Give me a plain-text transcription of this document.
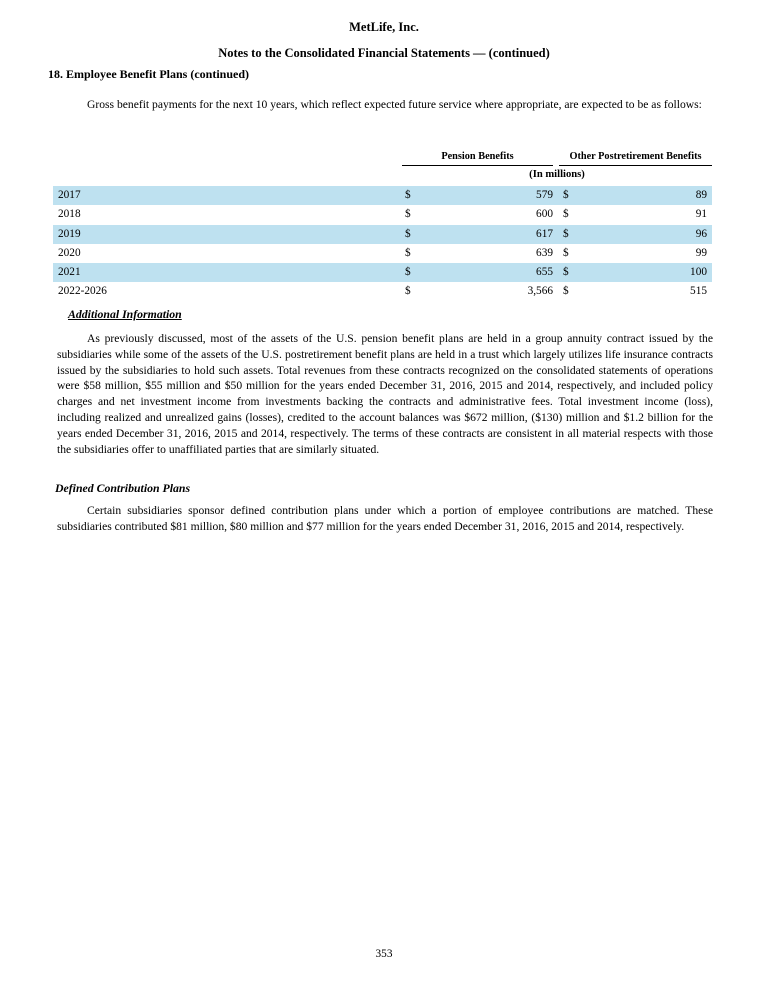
MetLife, Inc.
Notes to the Consolidated Financial Statements — (continued)
18. Employee Benefit Plans (continued)
Gross benefit payments for the next 10 years, which reflect expected future service where appropriate, are expected to be as follows:
Pension Benefits	Other Postretirement Benefits
(In millions)
2017	$	579 $	89
2018	$	600 $	91
2019	$	617 $	96
2020	$	639 $	99
2021	$	655 $	100
2022-2026	$	3,566 $	515
Additional Information
As previously discussed, most of the assets of the U.S. pension benefit plans are held in a group annuity contract issued by the subsidiaries while some of the assets of the U.S. postretirement benefit plans are held in a trust which largely utilizes life insurance contracts issued by the subsidiaries to hold such assets. Total revenues from these contracts recognized on the consolidated statements of operations were $58 million, $55 million and $50 million for the years ended December 31, 2016, 2015 and 2014, respectively, and included policy charges and net investment income from investments backing the contracts and administrative fees. Total investment income (loss), including realized and unrealized gains (losses), credited to the account balances was $672 million, ($130) million and $1.2 billion for the years ended December 31, 2016, 2015 and 2014, respectively. The terms of these contracts are consistent in all material respects with those the subsidiaries offer to unaffiliated parties that are similarly situated.
Defined Contribution Plans
Certain subsidiaries sponsor defined contribution plans under which a portion of employee contributions are matched. These subsidiaries contributed $81 million, $80 million and $77 million for the years ended December 31, 2016, 2015 and 2014, respectively.
353
